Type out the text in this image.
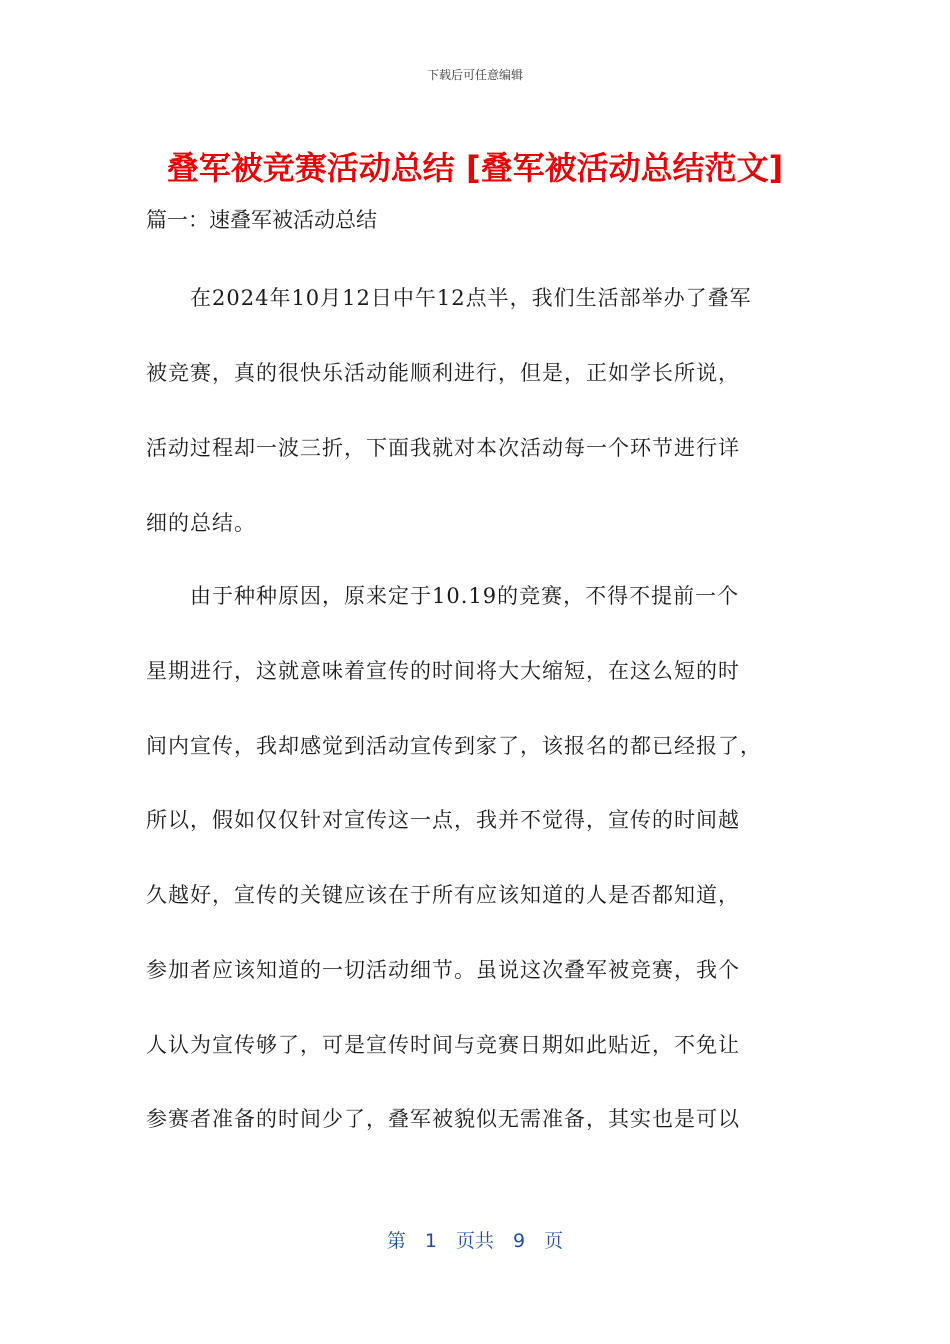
下载后可任意编辑
叠军被竞赛活动总结 [叠军被活动总结范文]
篇一：速叠军被活动总结
　　在2024年10月12日中午12点半，我们生活部举办了叠军
被竞赛，真的很快乐活动能顺利进行，但是，正如学长所说，
活动过程却一波三折，下面我就对本次活动每一个环节进行详
细的总结。
　　由于种种原因，原来定于10.19的竞赛，不得不提前一个
星期进行，这就意味着宣传的时间将大大缩短，在这么短的时
间内宣传，我却感觉到活动宣传到家了，该报名的都已经报了，
所以，假如仅仅针对宣传这一点，我并不觉得，宣传的时间越
久越好，宣传的关键应该在于所有应该知道的人是否都知道，
参加者应该知道的一切活动细节。虽说这次叠军被竞赛，我个
人认为宣传够了，可是宣传时间与竞赛日期如此贴近，不免让
参赛者准备的时间少了，叠军被貌似无需准备，其实也是可以
第　1　页共　9　页
